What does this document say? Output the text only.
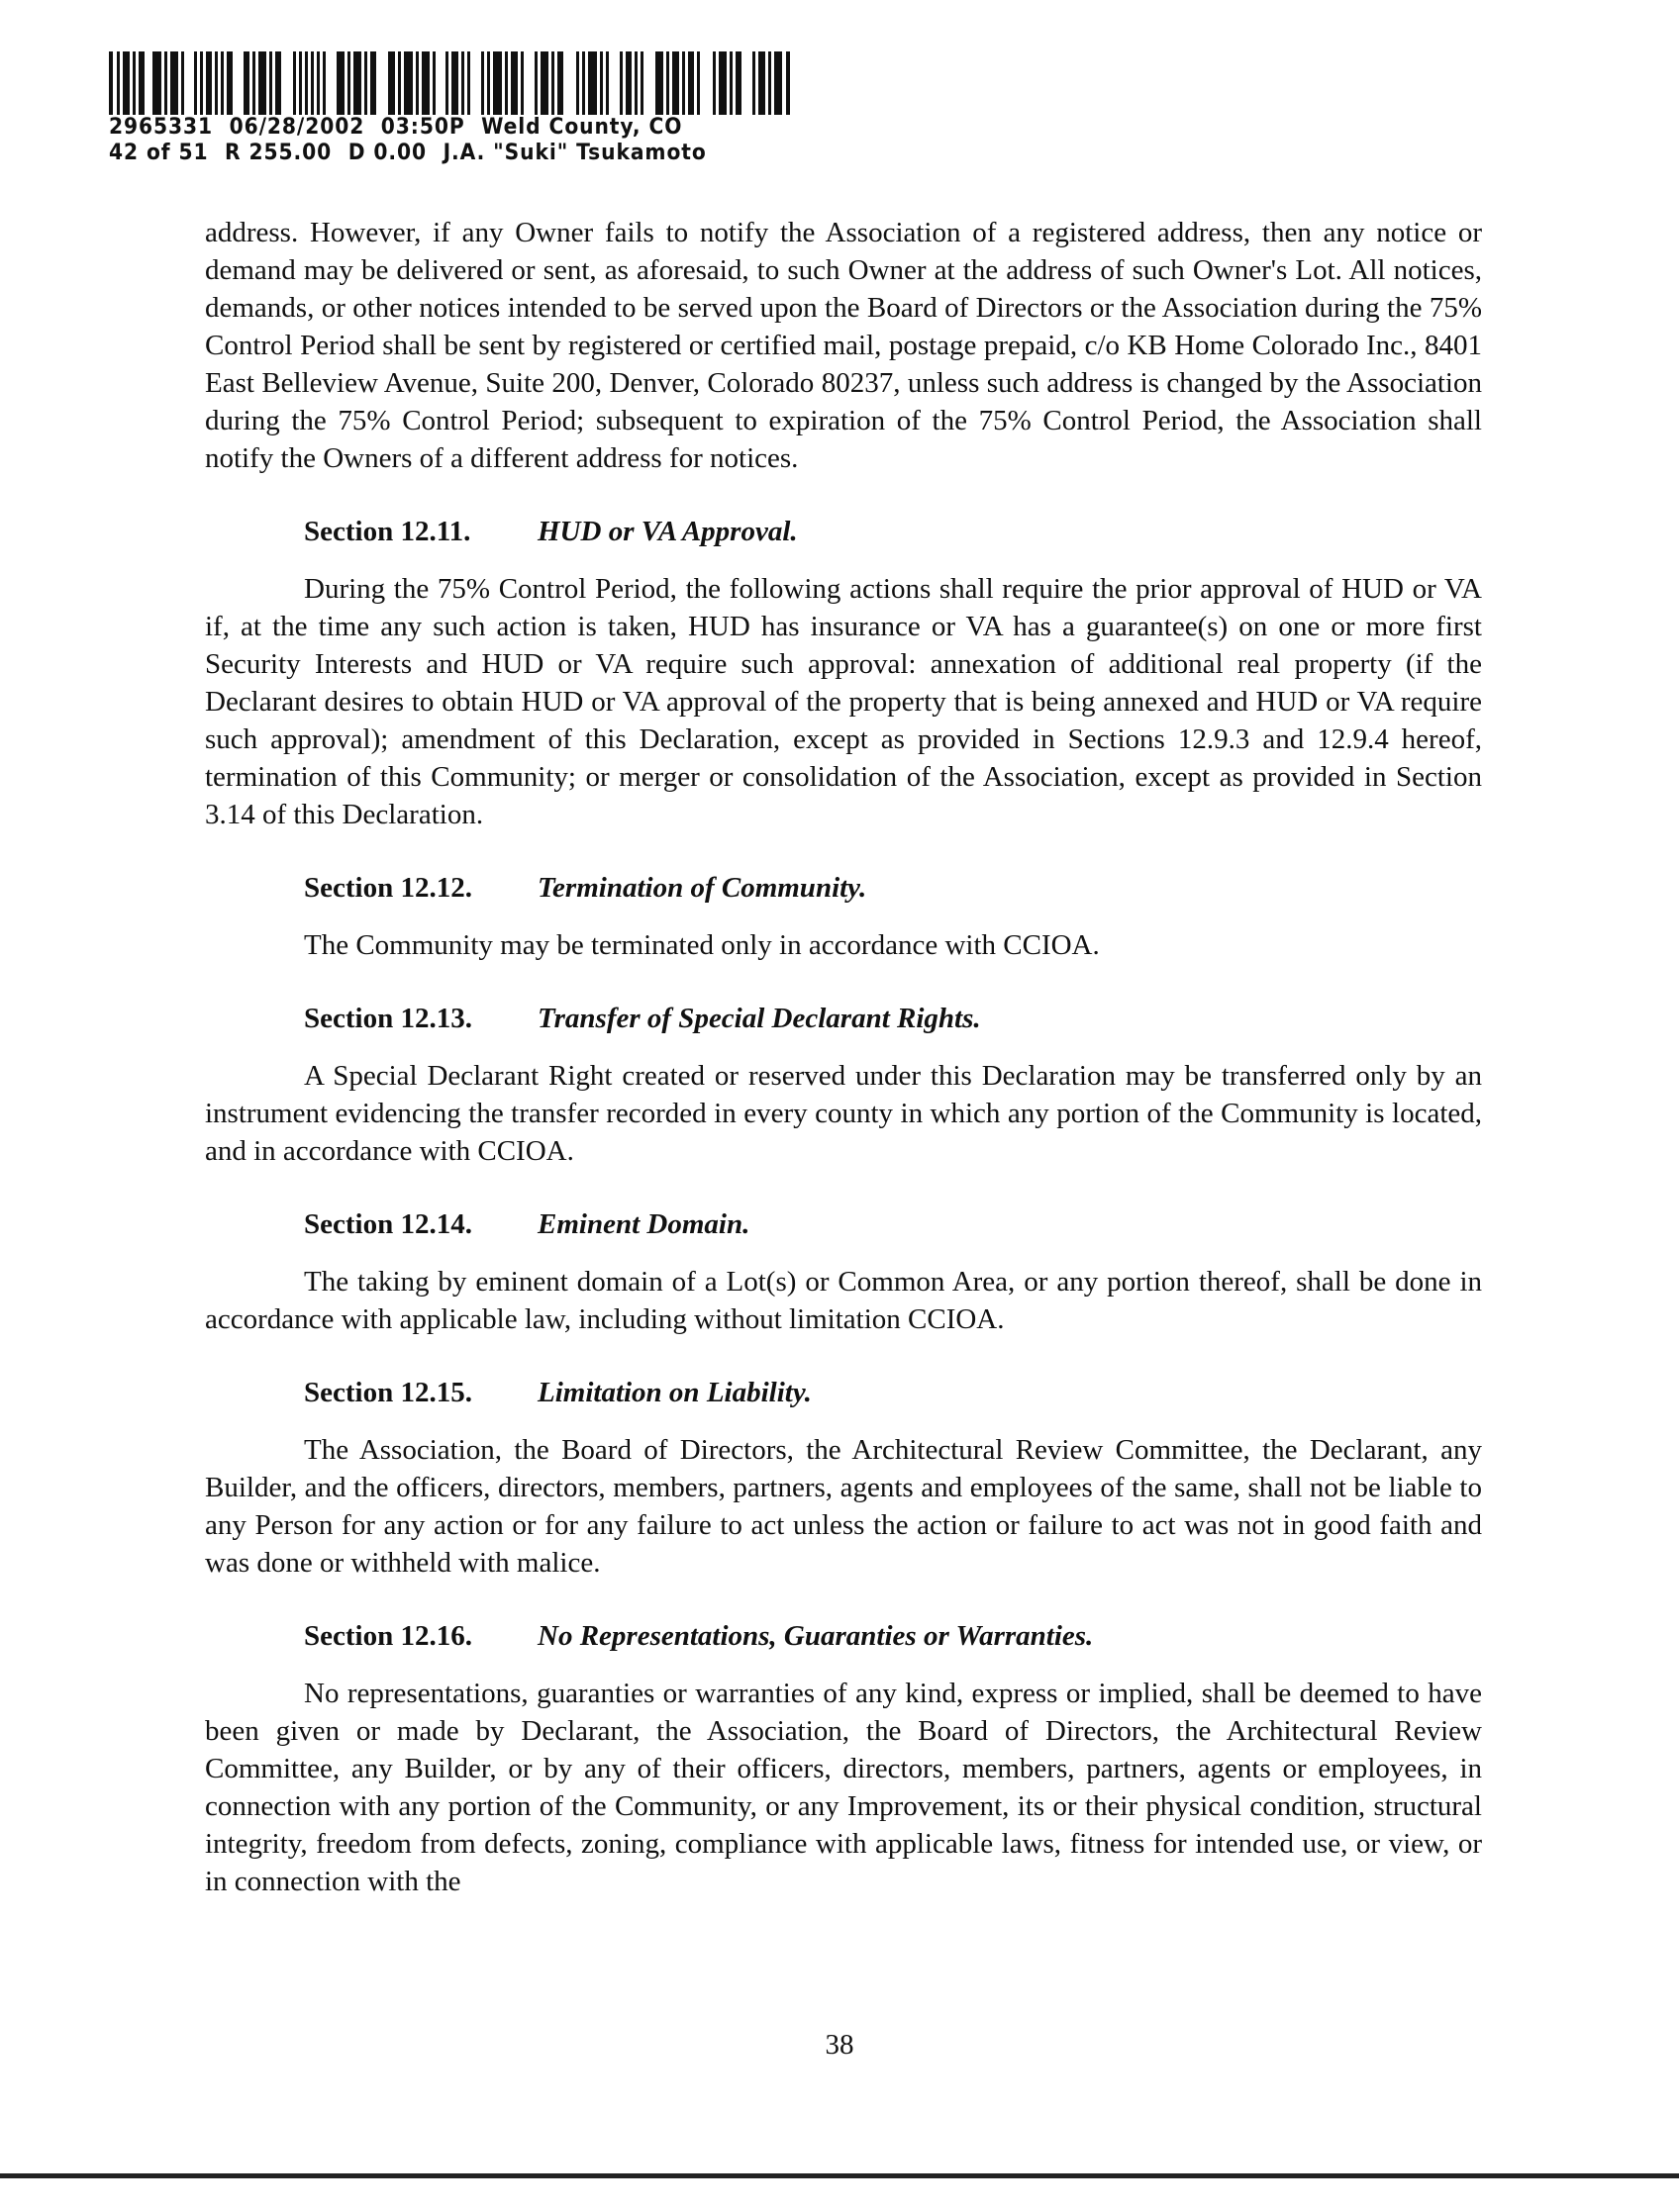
2965331 06/28/2002 03:50P Weld County, CO
42 of 51 R 255.00 D 0.00 J.A. "Suki" Tsukamoto

address. However, if any Owner fails to notify the Association of a registered address, then any notice or demand may be delivered or sent, as aforesaid, to such Owner at the address of such Owner's Lot. All notices, demands, or other notices intended to be served upon the Board of Directors or the Association during the 75% Control Period shall be sent by registered or certified mail, postage prepaid, c/o KB Home Colorado Inc., 8401 East Belleview Avenue, Suite 200, Denver, Colorado 80237, unless such address is changed by the Association during the 75% Control Period; subsequent to expiration of the 75% Control Period, the Association shall notify the Owners of a different address for notices.

Section 12.11. HUD or VA Approval.

During the 75% Control Period, the following actions shall require the prior approval of HUD or VA if, at the time any such action is taken, HUD has insurance or VA has a guarantee(s) on one or more first Security Interests and HUD or VA require such approval: annexation of additional real property (if the Declarant desires to obtain HUD or VA approval of the property that is being annexed and HUD or VA require such approval); amendment of this Declaration, except as provided in Sections 12.9.3 and 12.9.4 hereof, termination of this Community; or merger or consolidation of the Association, except as provided in Section 3.14 of this Declaration.

Section 12.12. Termination of Community.

The Community may be terminated only in accordance with CCIOA.

Section 12.13. Transfer of Special Declarant Rights.

A Special Declarant Right created or reserved under this Declaration may be transferred only by an instrument evidencing the transfer recorded in every county in which any portion of the Community is located, and in accordance with CCIOA.

Section 12.14. Eminent Domain.

The taking by eminent domain of a Lot(s) or Common Area, or any portion thereof, shall be done in accordance with applicable law, including without limitation CCIOA.

Section 12.15. Limitation on Liability.

The Association, the Board of Directors, the Architectural Review Committee, the Declarant, any Builder, and the officers, directors, members, partners, agents and employees of the same, shall not be liable to any Person for any action or for any failure to act unless the action or failure to act was not in good faith and was done or withheld with malice.

Section 12.16. No Representations, Guaranties or Warranties.

No representations, guaranties or warranties of any kind, express or implied, shall be deemed to have been given or made by Declarant, the Association, the Board of Directors, the Architectural Review Committee, any Builder, or by any of their officers, directors, members, partners, agents or employees, in connection with any portion of the Community, or any Improvement, its or their physical condition, structural integrity, freedom from defects, zoning, compliance with applicable laws, fitness for intended use, or view, or in connection with the

38
